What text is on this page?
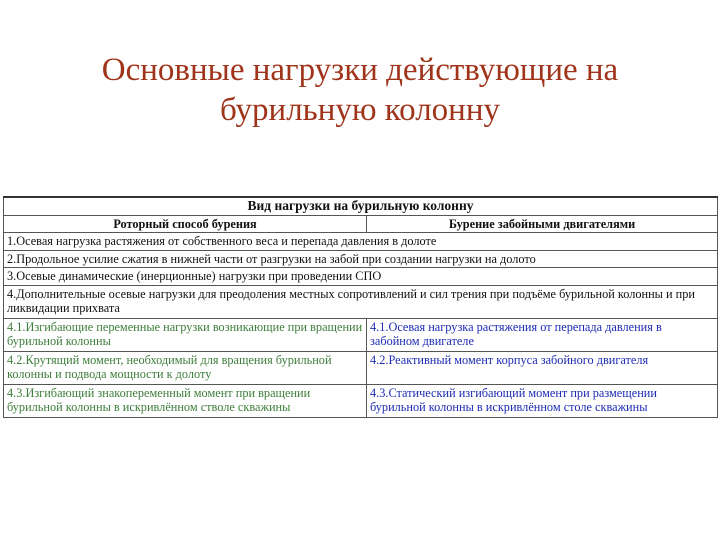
Основные нагрузки действующие на
бурильную колонну
Вид нагрузки на бурильную колонну	
Роторный способ бурения	Бурение забойными двигателями
1.Осевая нагрузка растяжения от собственного веса и перепада давления в долоте	
2.Продольное усилие сжатия в нижней части от разгрузки на забой при создании нагрузки на долото	
3.Осевые динамические (инерционные) нагрузки при проведении СПО	
4.Дополнительные осевые нагрузки для преодоления местных сопротивлений и сил трения при подъёме бурильной колонны и при ликвидации прихвата	
4.1.Изгибающие переменные нагрузки возникающие при вращении бурильной колонны	4.1.Осевая нагрузка растяжения от перепада давления в забойном двигателе
4.2.Крутящий момент, необходимый для вращения бурильной колонны и подвода мощности к долоту	4.2.Реактивный момент корпуса забойного двигателя
4.3.Изгибающий знакопеременный момент при вращении бурильной колонны в искривлённом стволе скважины	4.3.Статический изгибающий момент при размещении бурильной колонны в искривлённом столе скважины
